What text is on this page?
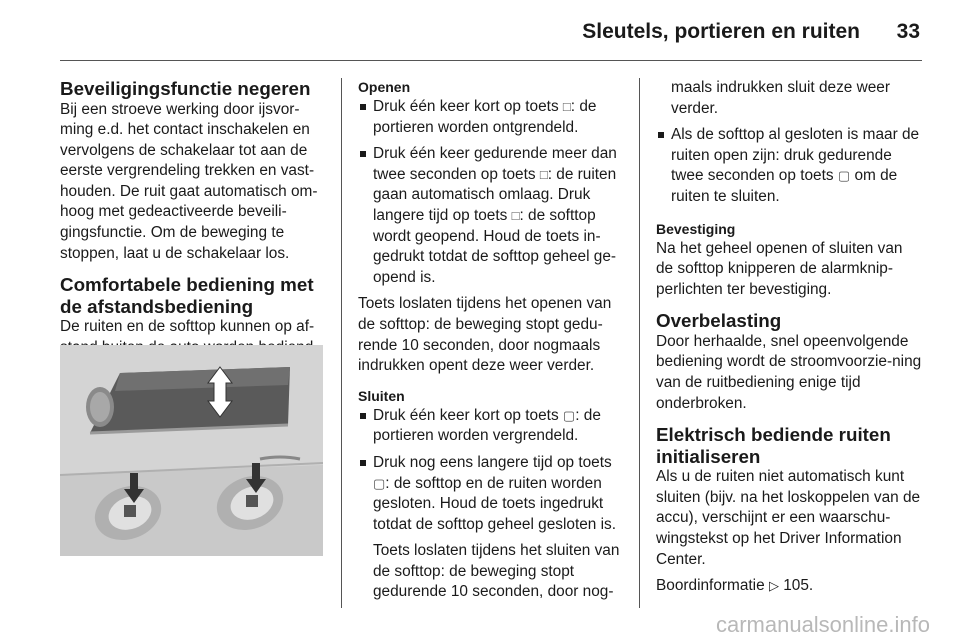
Sleutels, portieren en ruiten	33

Beveiligingsfunctie negeren

Bij een stroeve werking door ijsvor-ming e.d. het contact inschakelen en vervolgens de schakelaar tot aan de eerste vergrendeling trekken en vast-houden. De ruit gaat automatisch om-hoog met gedeactiveerde beveili-gingsfunctie. Om de beweging te stoppen, laat u de schakelaar los.

Comfortabele bediening met de afstandsbediening

De ruiten en de softtop kunnen op af-

Openen

Druk één keer kort op toets □: de portieren worden ontgrendeld.
Druk één keer gedurende meer dan twee seconden op toets □: de ruiten gaan automatisch omlaag. Druk langere tijd op toets □: de softtop wordt geopend. Houd de toets in-gedrukt totdat de softtop geheel ge-opend is.

Toets loslaten tijdens het openen van de softtop: de beweging stopt gedu-rende 10 seconden, door nogmaals indrukken opent deze weer verder.

Sluiten

Druk één keer kort op toets ▢: de portieren worden vergrendeld.
Druk nog eens langere tijd op toets ▢: de softtop en de ruiten worden gesloten. Houd de toets ingedrukt totdat de softtop geheel gesloten is.

Toets loslaten tijdens het sluiten van de softtop: de beweging stopt gedurende 10 seconden, door nog-

maals indrukken sluit deze weer verder.

Als de softtop al gesloten is maar de ruiten open zijn: druk gedurende twee seconden op toets ▢ om de ruiten te sluiten.

Bevestiging

Na het geheel openen of sluiten van de softtop knipperen de alarmknip-perlichten ter bevestiging.

Overbelasting

Door herhaalde, snel opeenvolgende bediening wordt de stroomvoorzie-ning van de ruitbediening enige tijd onderbroken.

Elektrisch bediende ruiten initialiseren

Als u de ruiten niet automatisch kunt sluiten (bijv. na het loskoppelen van de accu), verschijnt er een waarschu-wingstekst op het Driver Information Center.

Boordinformatie ▷ 105.

carmanualsonline.info
